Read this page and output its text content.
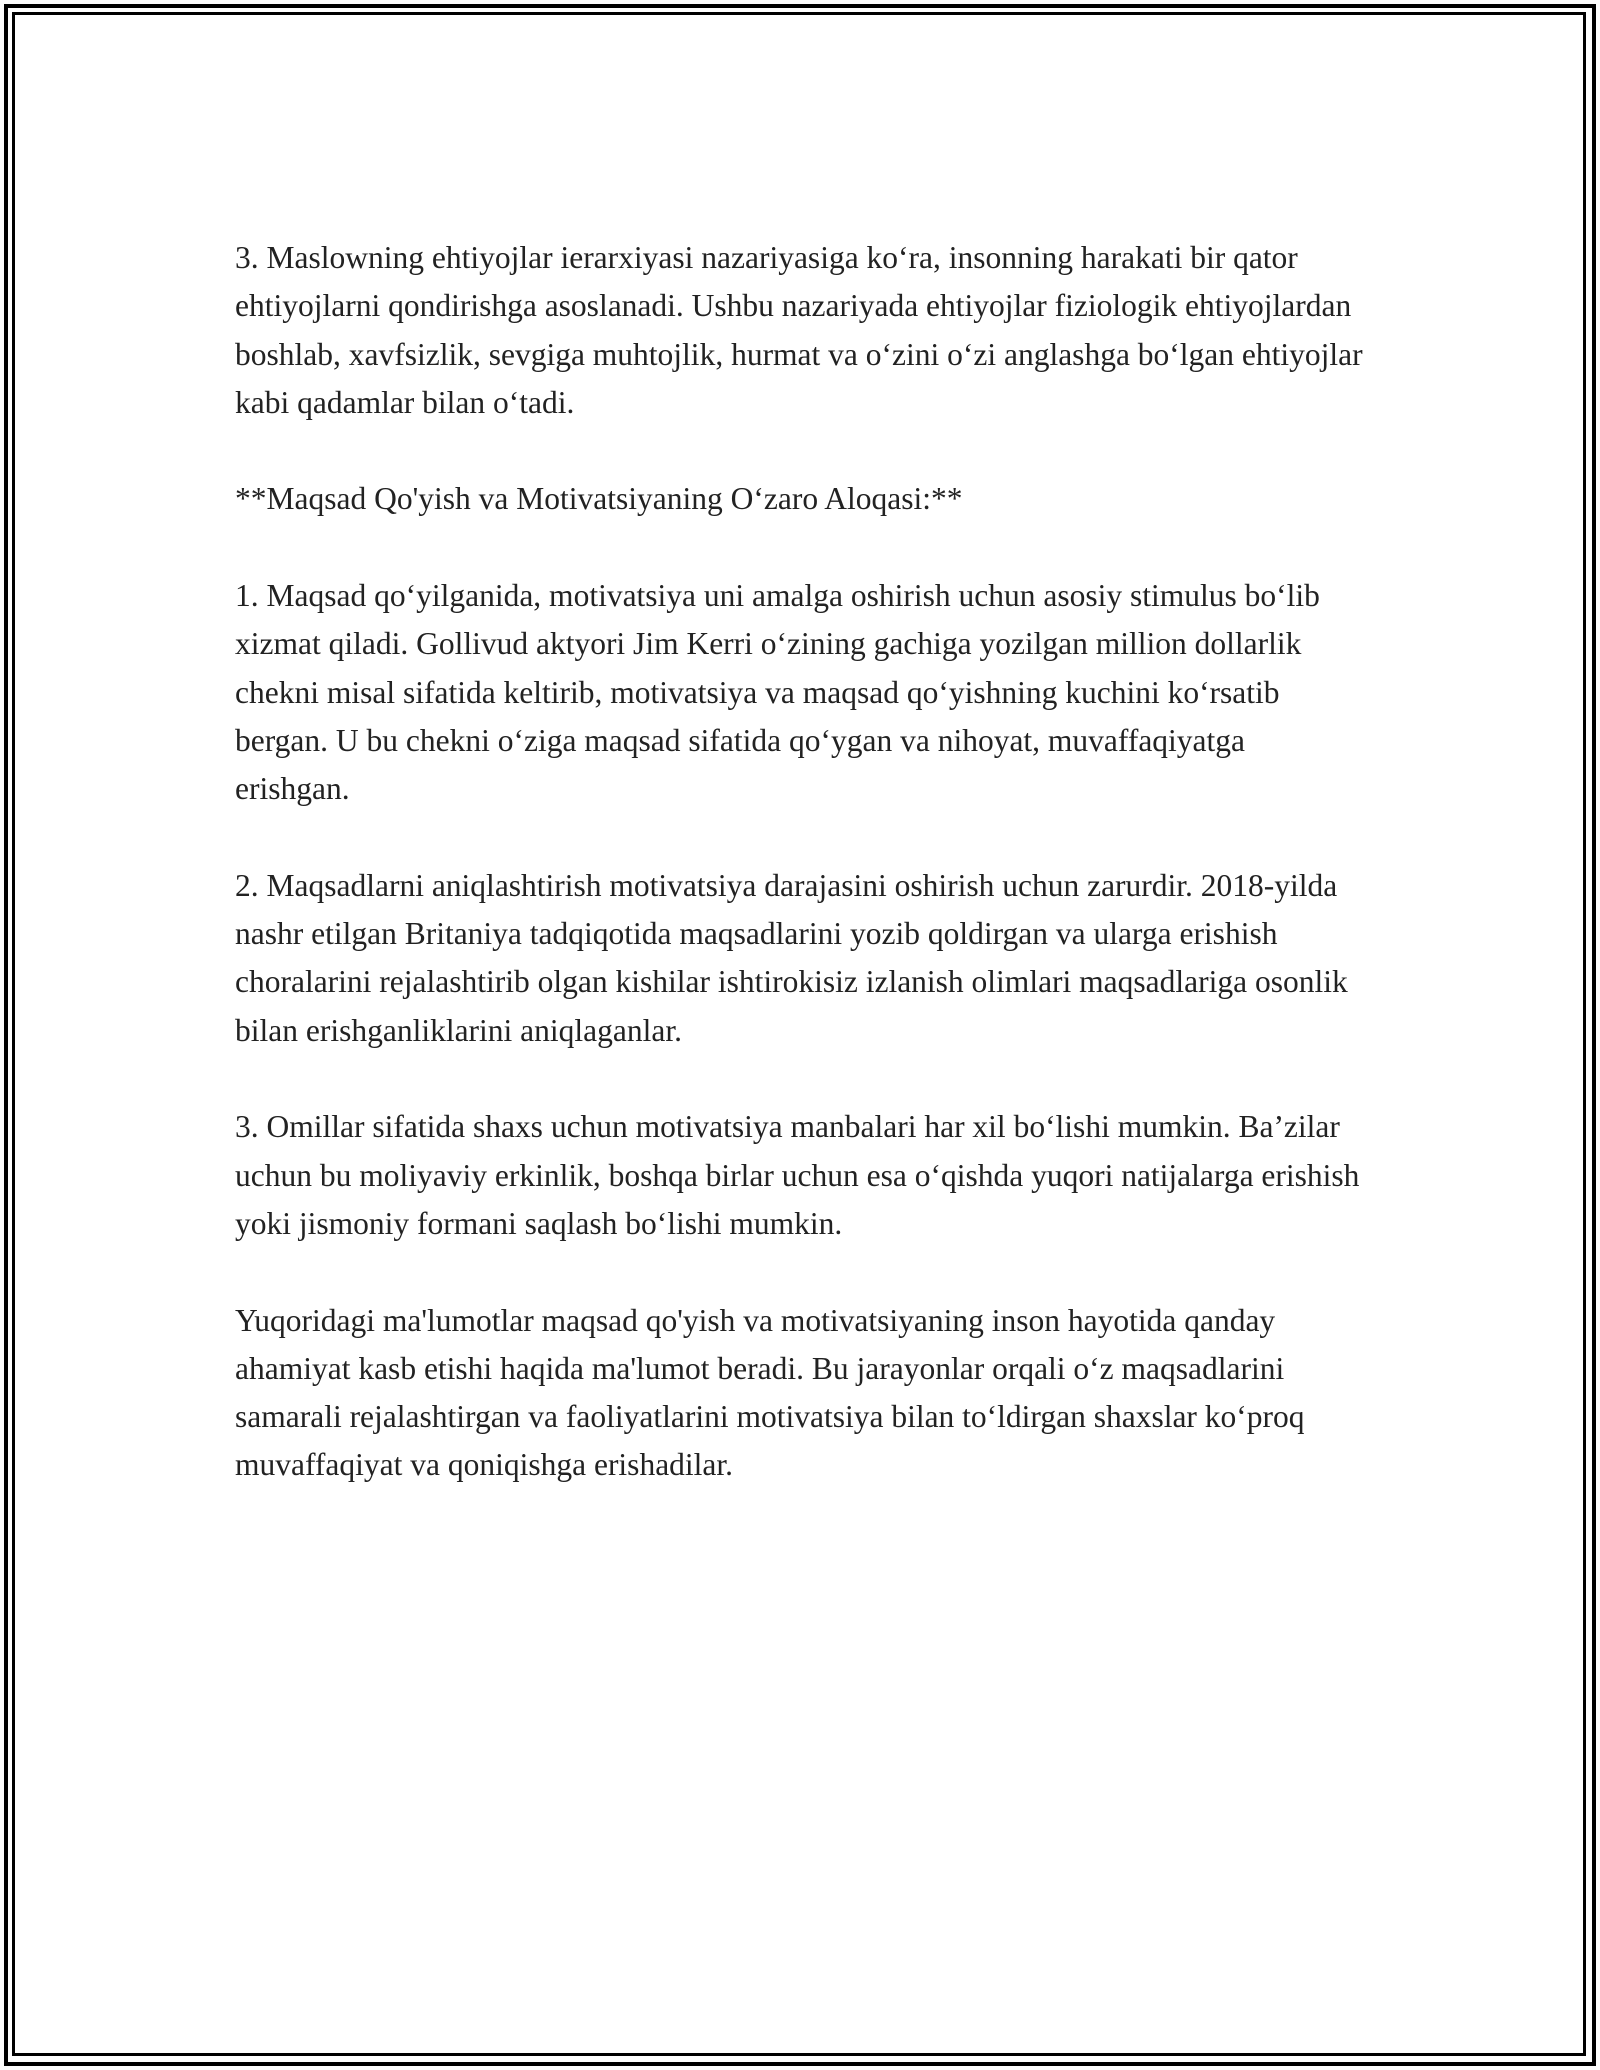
3. Maslowning ehtiyojlar ierarxiyasi nazariyasiga ko‘ra, insonning harakati bir qator ehtiyojlarni qondirishga asoslanadi. Ushbu nazariyada ehtiyojlar fiziologik ehtiyojlardan boshlab, xavfsizlik, sevgiga muhtojlik, hurmat va o‘zini o‘zi anglashga bo‘lgan ehtiyojlar kabi qadamlar bilan o‘tadi.

**Maqsad Qo'yish va Motivatsiyaning O‘zaro Aloqasi:**

1. Maqsad qo‘yilganida, motivatsiya uni amalga oshirish uchun asosiy stimulus bo‘lib xizmat qiladi. Gollivud aktyori Jim Kerri o‘zining gachiga yozilgan million dollarlik chekni misal sifatida keltirib, motivatsiya va maqsad qo‘yishning kuchini ko‘rsatib bergan. U bu chekni o‘ziga maqsad sifatida qo‘ygan va nihoyat, muvaffaqiyatga erishgan.

2. Maqsadlarni aniqlashtirish motivatsiya darajasini oshirish uchun zarurdir. 2018-yilda nashr etilgan Britaniya tadqiqotida maqsadlarini yozib qoldirgan va ularga erishish choralarini rejalashtirib olgan kishilar ishtirokisiz izlanish olimlari maqsadlariga osonlik bilan erishganliklarini aniqlaganlar.

3. Omillar sifatida shaxs uchun motivatsiya manbalari har xil bo‘lishi mumkin. Ba’zilar uchun bu moliyaviy erkinlik, boshqa birlar uchun esa o‘qishda yuqori natijalarga erishish yoki jismoniy formani saqlash bo‘lishi mumkin.

Yuqoridagi ma'lumotlar maqsad qo'yish va motivatsiyaning inson hayotida qanday ahamiyat kasb etishi haqida ma'lumot beradi. Bu jarayonlar orqali o‘z maqsadlarini samarali rejalashtirgan va faoliyatlarini motivatsiya bilan to‘ldirgan shaxslar ko‘proq muvaffaqiyat va qoniqishga erishadilar.
